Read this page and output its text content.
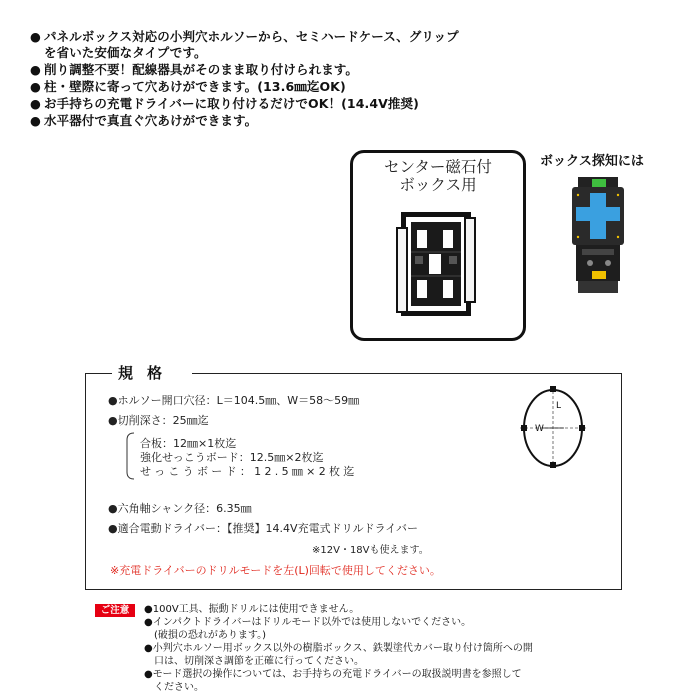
● パネルボックス対応の小判穴ホルソーから、セミハードケース、グリップ
を省いた安価なタイプです。
● 削り調整不要！配線器具がそのまま取り付けられます。
● 柱・壁際に寄って穴あけができます。(13.6㎜迄OK)
● お手持ちの充電ドライバーに取り付けるだけでOK！(14.4V推奨)
● 水平器付で真直ぐ穴あけができます。
センター磁石付
ボックス用
ボックス探知には
規格
●ホルソー開口穴径：L＝104.5㎜、W＝58～59㎜
●切削深さ：25㎜迄
合板：12㎜×1枚迄
強化せっこうボード：12.5㎜×2枚迄
せっこうボード：12.5㎜×2枚迄
●六角軸シャンク径：6.35㎜
●適合電動ドライバー：【推奨】14.4V充電式ドリルドライバー
※12V・18Vも使えます。
※充電ドライバーのドリルモードを左(L)回転で使用してください。
L
W
ご注意	●100V工具、振動ドリルには使用できません。
●インパクトドライバーはドリルモード以外では使用しないでください。
(破損の恐れがあります。)
●小判穴ホルソー用ボックス以外の樹脂ボックス、鉄製塗代カバー取り付け箇所への開
口は、切削深さ調節を正確に行ってください。
●モード選択の操作については、お手持ちの充電ドライバーの取扱説明書を参照して
ください。
